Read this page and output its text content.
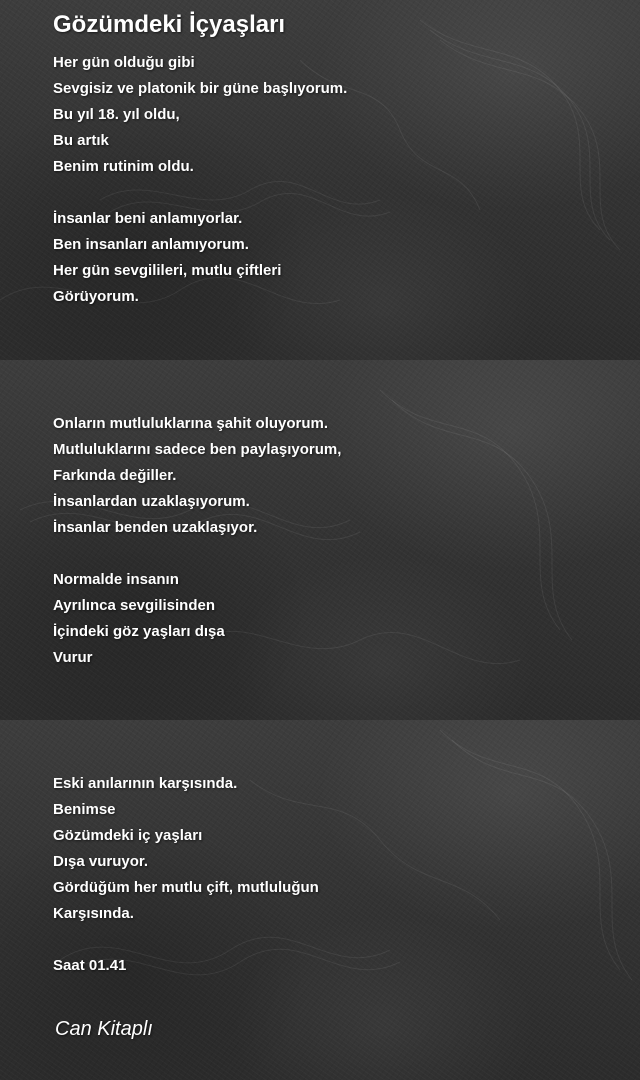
Gözümdeki İçyaşları
Her gün olduğu gibi
Sevgisiz ve platonik bir güne başlıyorum.
Bu yıl 18. yıl oldu,
Bu artık
Benim rutinim oldu.
İnsanlar beni anlamıyorlar.
Ben insanları anlamıyorum.
Her gün sevgilileri, mutlu çiftleri
Görüyorum.
Onların mutluluklarına şahit oluyorum.
Mutluluklarını sadece ben paylaşıyorum,
Farkında değiller.
İnsanlardan uzaklaşıyorum.
İnsanlar benden uzaklaşıyor.
Normalde insanın
Ayrılınca sevgilisinden
İçindeki göz yaşları dışa
Vurur
Eski anılarının karşısında.
Benimse
Gözümdeki iç yaşları
Dışa vuruyor.
Gördüğüm her mutlu çift, mutluluğun
Karşısında.
Saat 01.41
Can Kitaplı
